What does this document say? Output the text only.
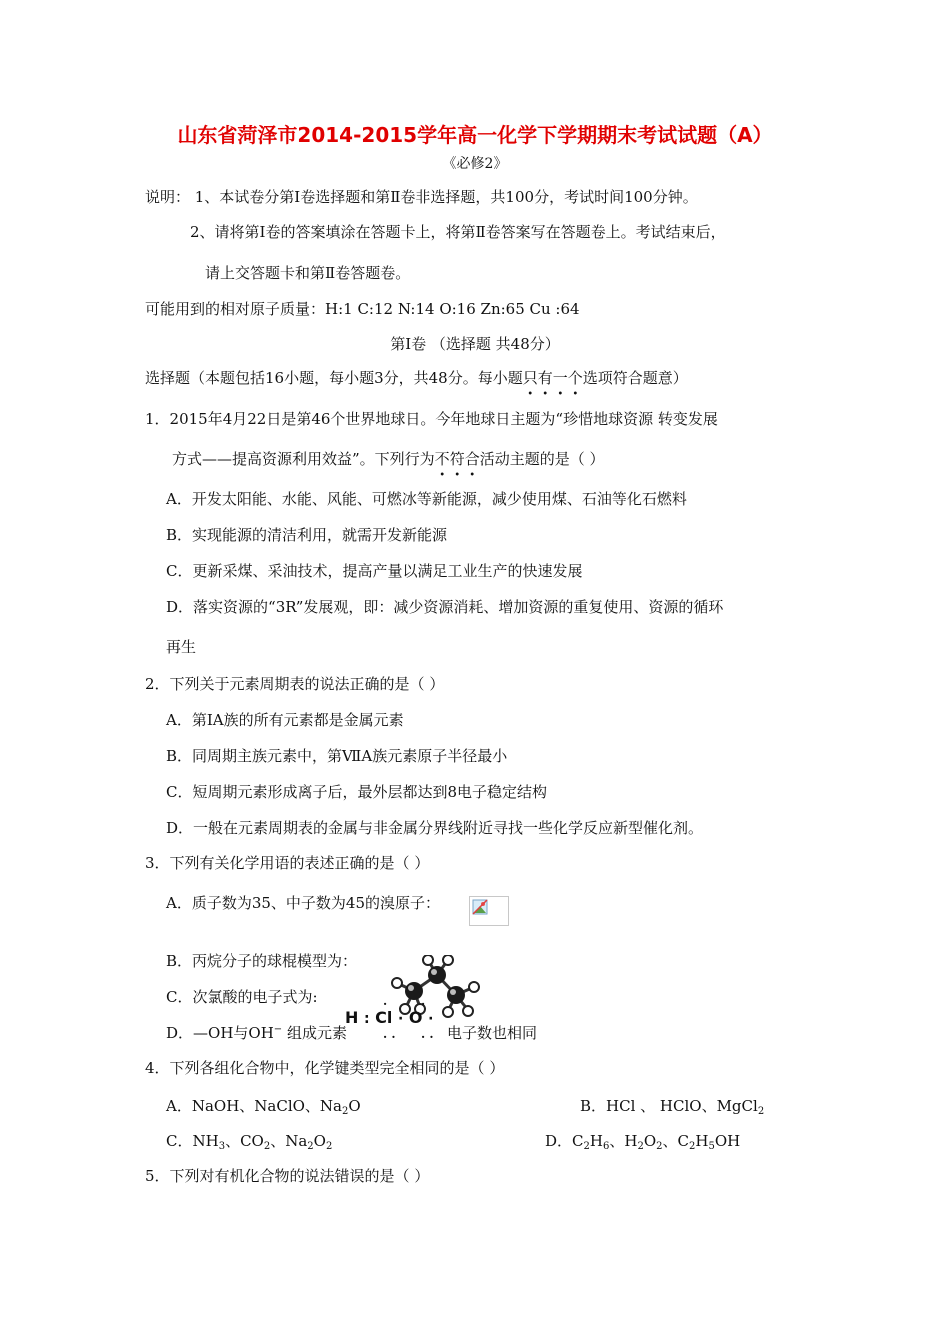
山东省菏泽市2014-2015学年高一化学下学期期末考试试题（A）
《必修2》
说明： 1、本试卷分第Ⅰ卷选择题和第Ⅱ卷非选择题，共100分，考试时间100分钟。
2、请将第Ⅰ卷的答案填涂在答题卡上，将第Ⅱ卷答案写在答题卷上。考试结束后，
请上交答题卡和第Ⅱ卷答题卷。
可能用到的相对原子质量：H:1 C:12 N:14 O:16 Zn:65 Cu :64
第Ⅰ卷 （选择题 共48分）
选择题（本题包括16小题，每小题3分，共48分。每小题只有一个选项符合题意）
1．2015年4月22日是第46个世界地球日。今年地球日主题为“珍惜地球资源 转变发展
方式——提高资源利用效益”。下列行为不符合活动主题的是（ ）
A．开发太阳能、水能、风能、可燃冰等新能源，减少使用煤、石油等化石燃料
B．实现能源的清洁利用，就需开发新能源
C．更新采煤、采油技术，提高产量以满足工业生产的快速发展
D．落实资源的“3R”发展观，即：减少资源消耗、增加资源的重复使用、资源的循环
再生
2．下列关于元素周期表的说法正确的是（ ）
A．第IA族的所有元素都是金属元素
B．同周期主族元素中，第ⅦA族元素原子半径最小
C．短周期元素形成离子后，最外层都达到8电子稳定结构
D．一般在元素周期表的金属与非金属分界线附近寻找一些化学反应新型催化剂。
3．下列有关化学用语的表述正确的是（ ）
A．质子数为35、中子数为45的溴原子：
B．丙烷分子的球棍模型为：
C．次氯酸的电子式为:
D．—OH与OH− 组成元素	电子数也相同
H : Cl · O ·
·	·
· · · ·
4．下列各组化合物中，化学键类型完全相同的是（ ）
A．NaOH、NaClO、$Na_2O$	B．HCl 、 HClO、MgCl$_2$
C．$NH_3$、$CO_2$、$Na_2O_2$	D．$C_2H_6$、$H_2O_2$、$C_2H_5OH$
5．下列对有机化合物的说法错误的是（ ）
